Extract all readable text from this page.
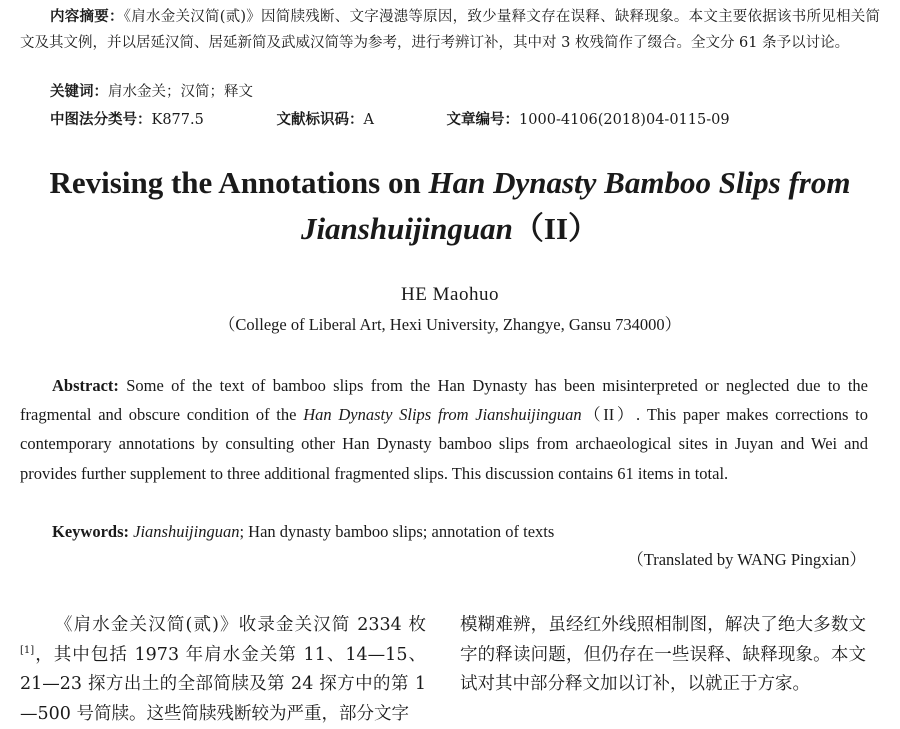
内容摘要：《肩水金关汉简(贰)》因简牍残断、文字漫漶等原因，致少量释文存在误释、缺释现象。本文主要依据该书所见相关简文及其文例，并以居延汉简、居延新简及武威汉简等为参考，进行考辨订补，其中对 3 枚残简作了缀合。全文分 61 条予以讨论。
关键词：肩水金关；汉简；释文
中图法分类号：K877.5	文献标识码：A	文章编号：1000-4106(2018)04-0115-09
Revising the Annotations on Han Dynasty Bamboo Slips from Jianshuijinguan（II）
HE Maohuo
（College of Liberal Art, Hexi University, Zhangye, Gansu 734000）
Abstract: Some of the text of bamboo slips from the Han Dynasty has been misinterpreted or neglected due to the fragmental and obscure condition of the Han Dynasty Slips from Jianshuijinguan（II）. This paper makes corrections to contemporary annotations by consulting other Han Dynasty bamboo slips from archaeological sites in Juyan and Wei and provides further supplement to three additional fragmented slips. This discussion contains 61 items in total.
Keywords: Jianshuijinguan; Han dynasty bamboo slips; annotation of texts
（Translated by WANG Pingxian）
《肩水金关汉简(贰)》收录金关汉简 2334 枚[1]，其中包括 1973 年肩水金关第 11、14—15、21—23 探方出土的全部简牍及第 24 探方中的第 1—500 号简牍。这些简牍残断较为严重，部分文字
模糊难辨，虽经红外线照相制图，解决了绝大多数文字的释读问题，但仍存在一些误释、缺释现象。本文试对其中部分释文加以订补，以就正于方家。
